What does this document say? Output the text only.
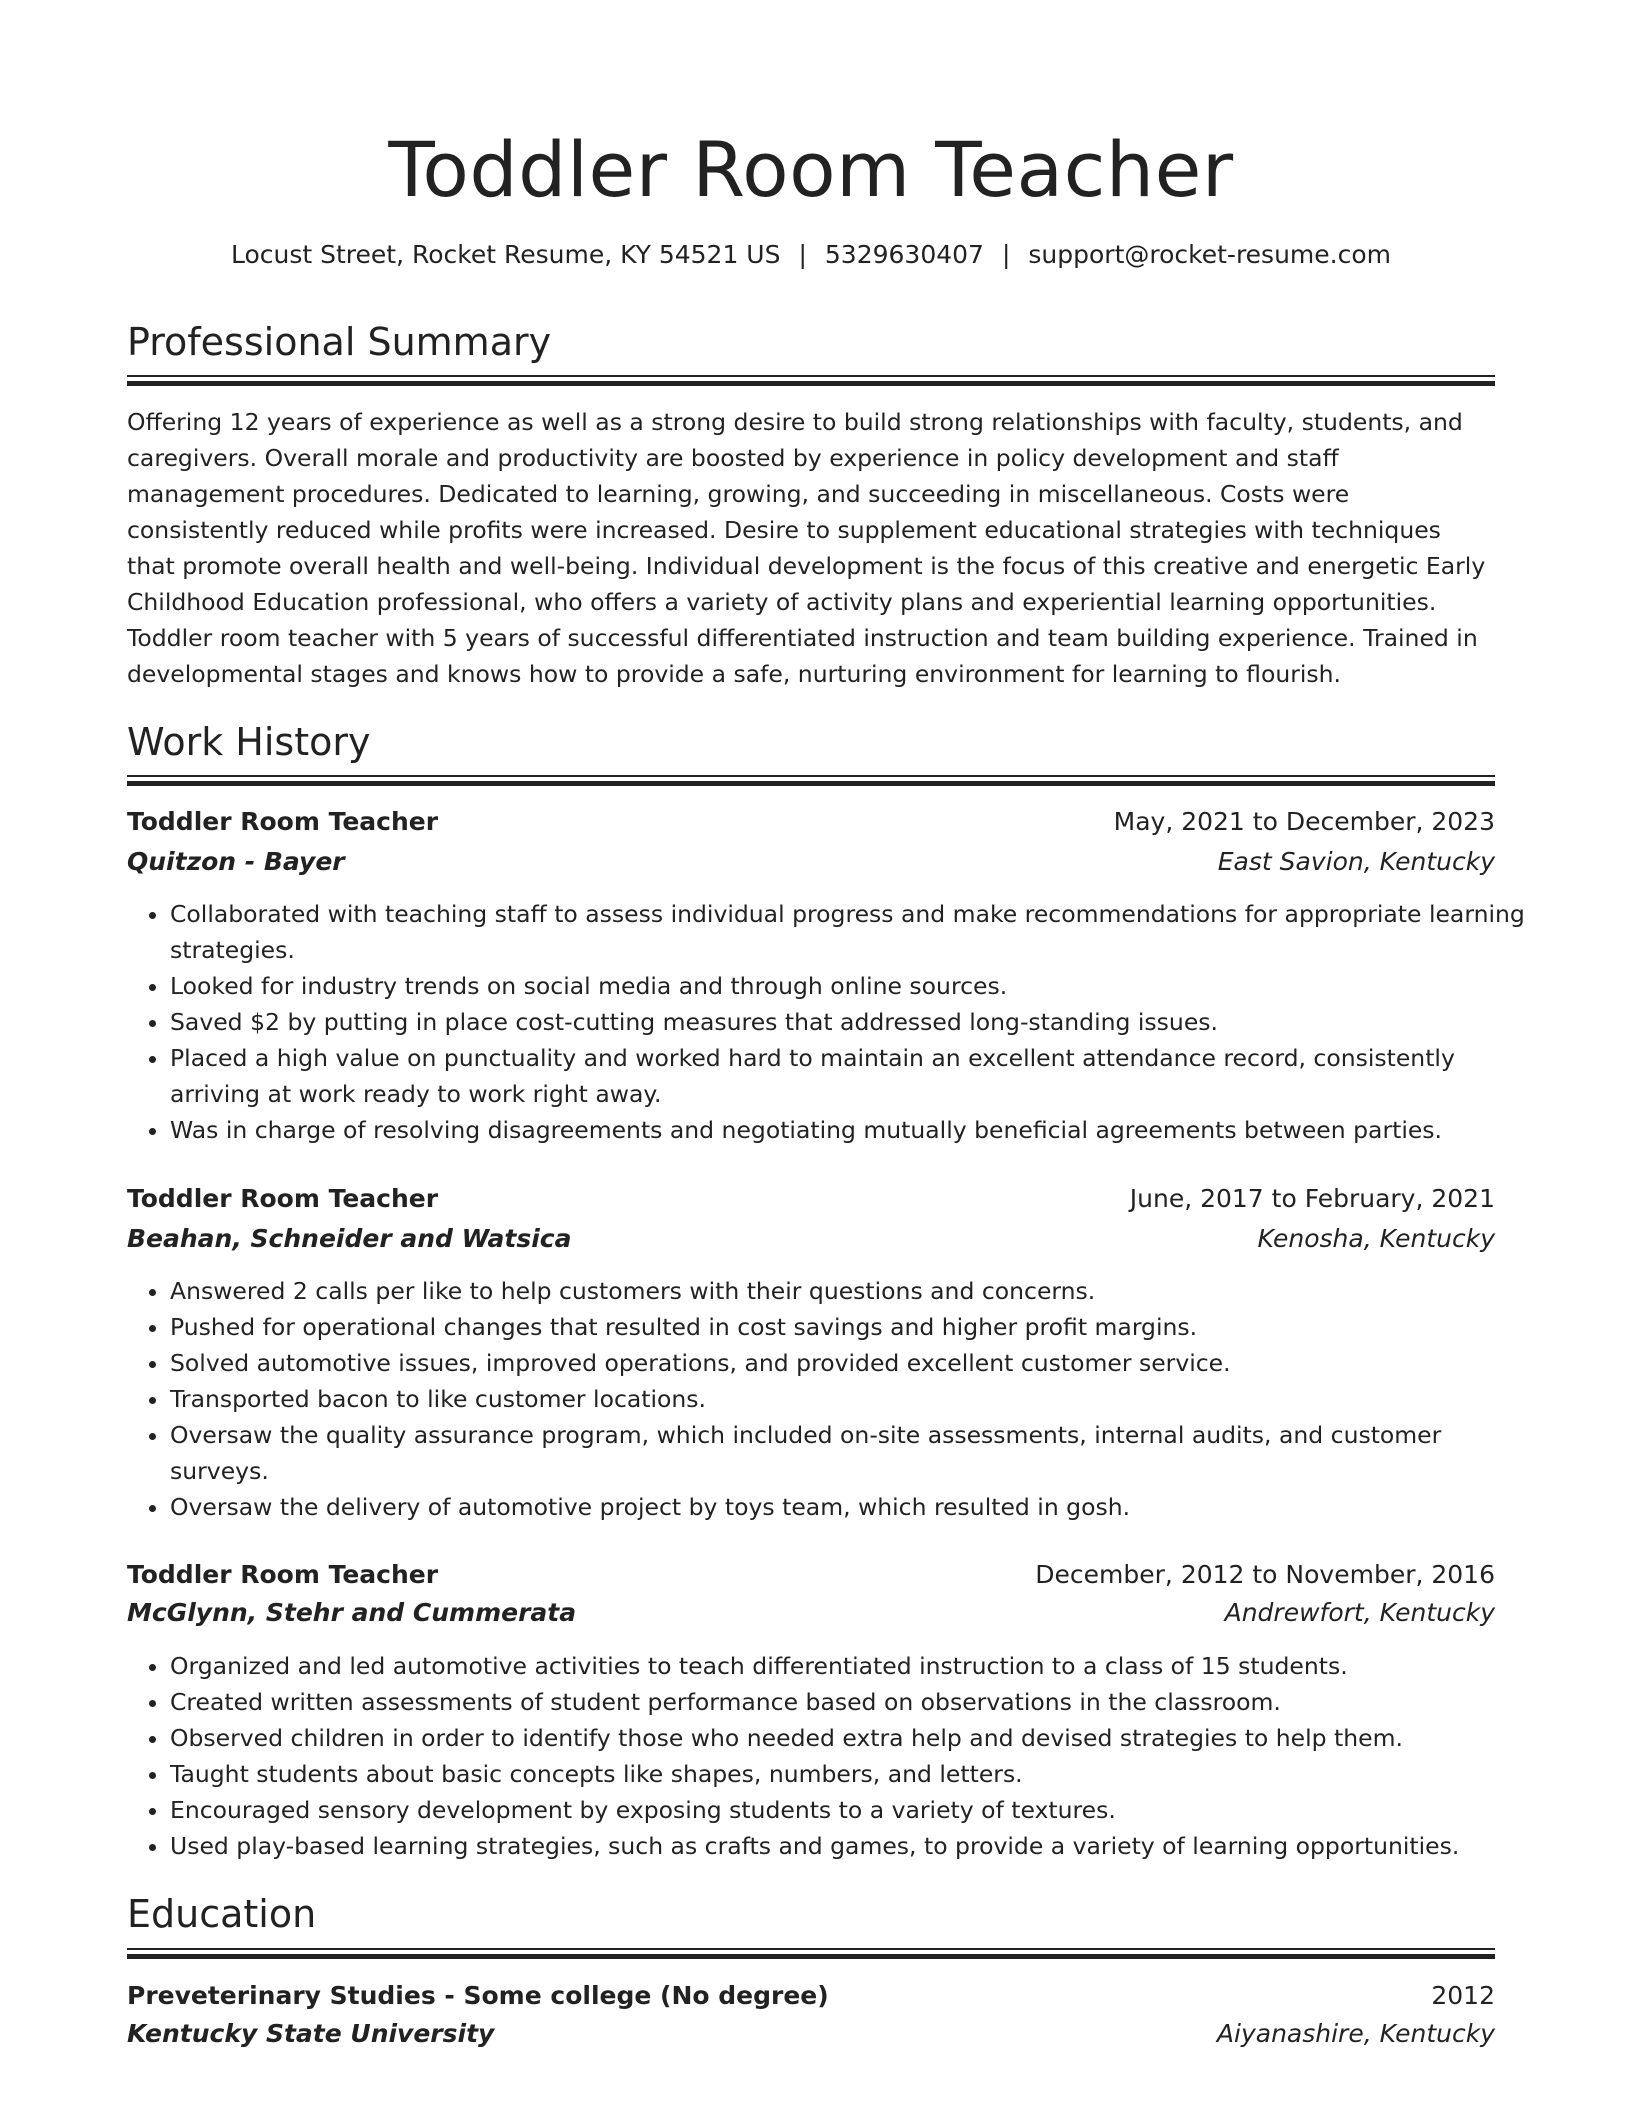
Toddler Room Teacher
Locust Street, Rocket Resume, KY 54521 US | 5329630407 | support@rocket-resume.com
Professional Summary

Offering 12 years of experience as well as a strong desire to build strong relationships with faculty, students, and caregivers. Overall morale and productivity are boosted by experience in policy development and staff management procedures. Dedicated to learning, growing, and succeeding in miscellaneous. Costs were consistently reduced while profits were increased. Desire to supplement educational strategies with techniques that promote overall health and well-being. Individual development is the focus of this creative and energetic Early Childhood Education professional, who offers a variety of activity plans and experiential learning opportunities. Toddler room teacher with 5 years of successful differentiated instruction and team building experience. Trained in developmental stages and knows how to provide a safe, nurturing environment for learning to flourish.

Work History
Toddler Room Teacher	May, 2021 to December, 2023
Quitzon - Bayer	East Savion, Kentucky
• Collaborated with teaching staff to assess individual progress and make recommendations for appropriate learning strategies.
• Looked for industry trends on social media and through online sources.
• Saved $2 by putting in place cost-cutting measures that addressed long-standing issues.
• Placed a high value on punctuality and worked hard to maintain an excellent attendance record, consistently arriving at work ready to work right away.
• Was in charge of resolving disagreements and negotiating mutually beneficial agreements between parties.
Toddler Room Teacher	June, 2017 to February, 2021
Beahan, Schneider and Watsica	Kenosha, Kentucky
• Answered 2 calls per like to help customers with their questions and concerns.
• Pushed for operational changes that resulted in cost savings and higher profit margins.
• Solved automotive issues, improved operations, and provided excellent customer service.
• Transported bacon to like customer locations.
• Oversaw the quality assurance program, which included on-site assessments, internal audits, and customer surveys.
• Oversaw the delivery of automotive project by toys team, which resulted in gosh.
Toddler Room Teacher	December, 2012 to November, 2016
McGlynn, Stehr and Cummerata	Andrewfort, Kentucky
• Organized and led automotive activities to teach differentiated instruction to a class of 15 students.
• Created written assessments of student performance based on observations in the classroom.
• Observed children in order to identify those who needed extra help and devised strategies to help them.
• Taught students about basic concepts like shapes, numbers, and letters.
• Encouraged sensory development by exposing students to a variety of textures.
• Used play-based learning strategies, such as crafts and games, to provide a variety of learning opportunities.
Education
Preveterinary Studies - Some college (No degree)	2012
Kentucky State University	Aiyanashire, Kentucky
